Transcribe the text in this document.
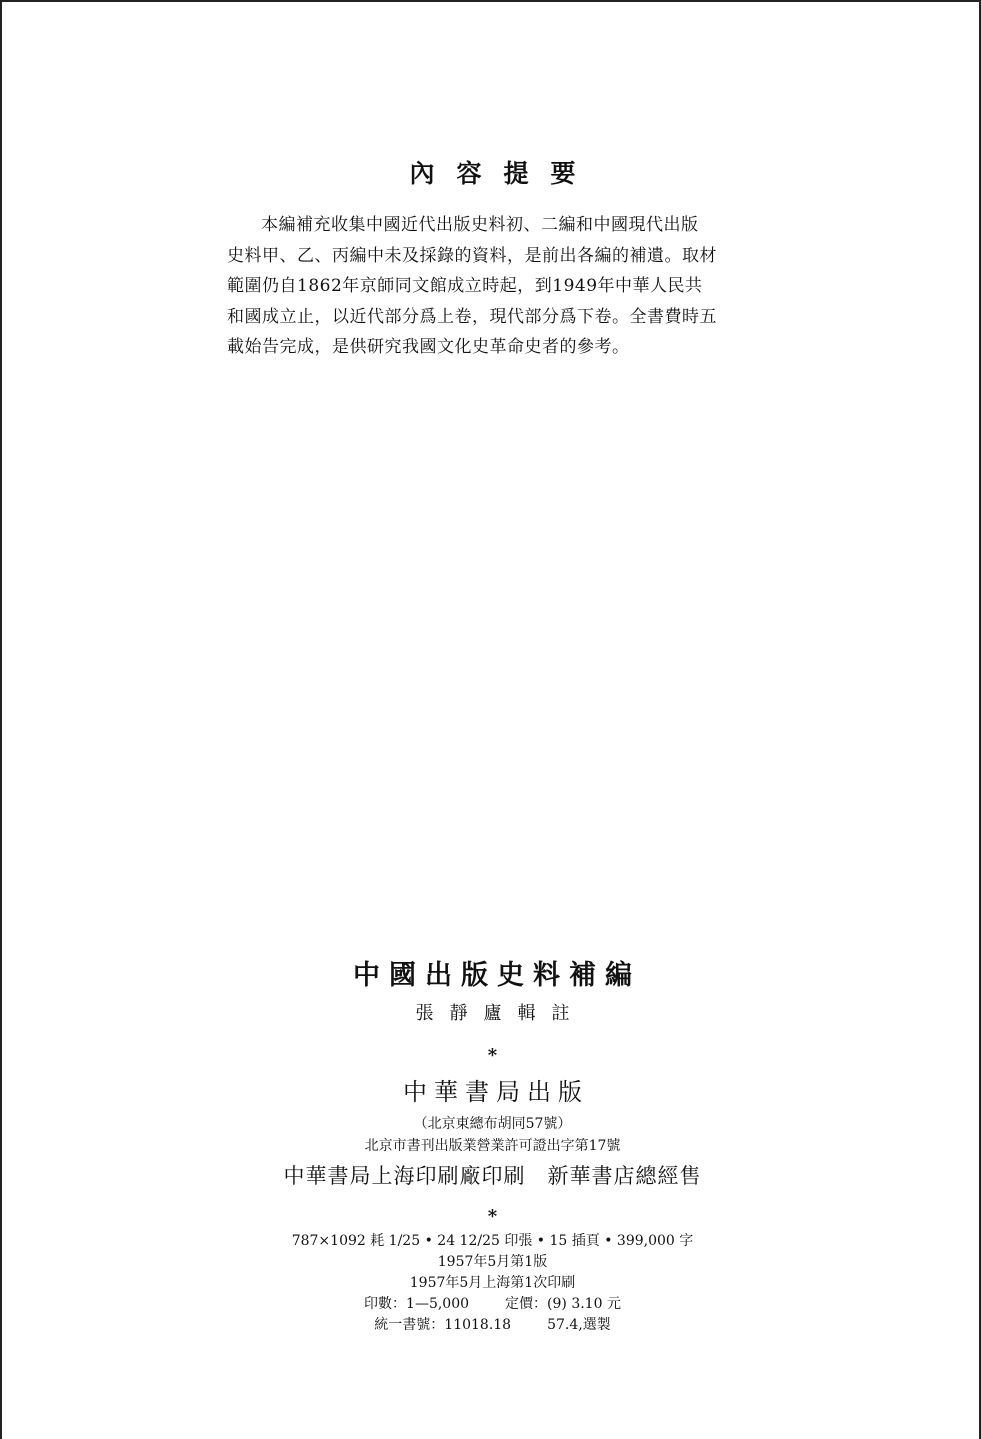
內容提要
本編補充收集中國近代出版史料初、二編和中國現代出版
史料甲、乙、丙編中未及採錄的資料，是前出各編的補遺。取材
範圍仍自1862年京師同文館成立時起，到1949年中華人民共
和國成立止，以近代部分爲上卷，現代部分爲下卷。全書費時五
載始告完成，是供研究我國文化史革命史者的參考。
中國出版史料補編
張靜廬輯註
*
中華書局出版
（北京東總布胡同57號）
北京市書刊出版業營業許可證出字第17號
中華書局上海印刷廠印刷 新華書店總經售
*
787×1092 耗 1/25 • 24 12/25 印張 • 15 插頁 • 399,000 字
1957年5月第1版
1957年5月上海第1次印刷
印數：1—5,000	定價：(9) 3.10 元
統一書號：11018.18	57.4,選製
